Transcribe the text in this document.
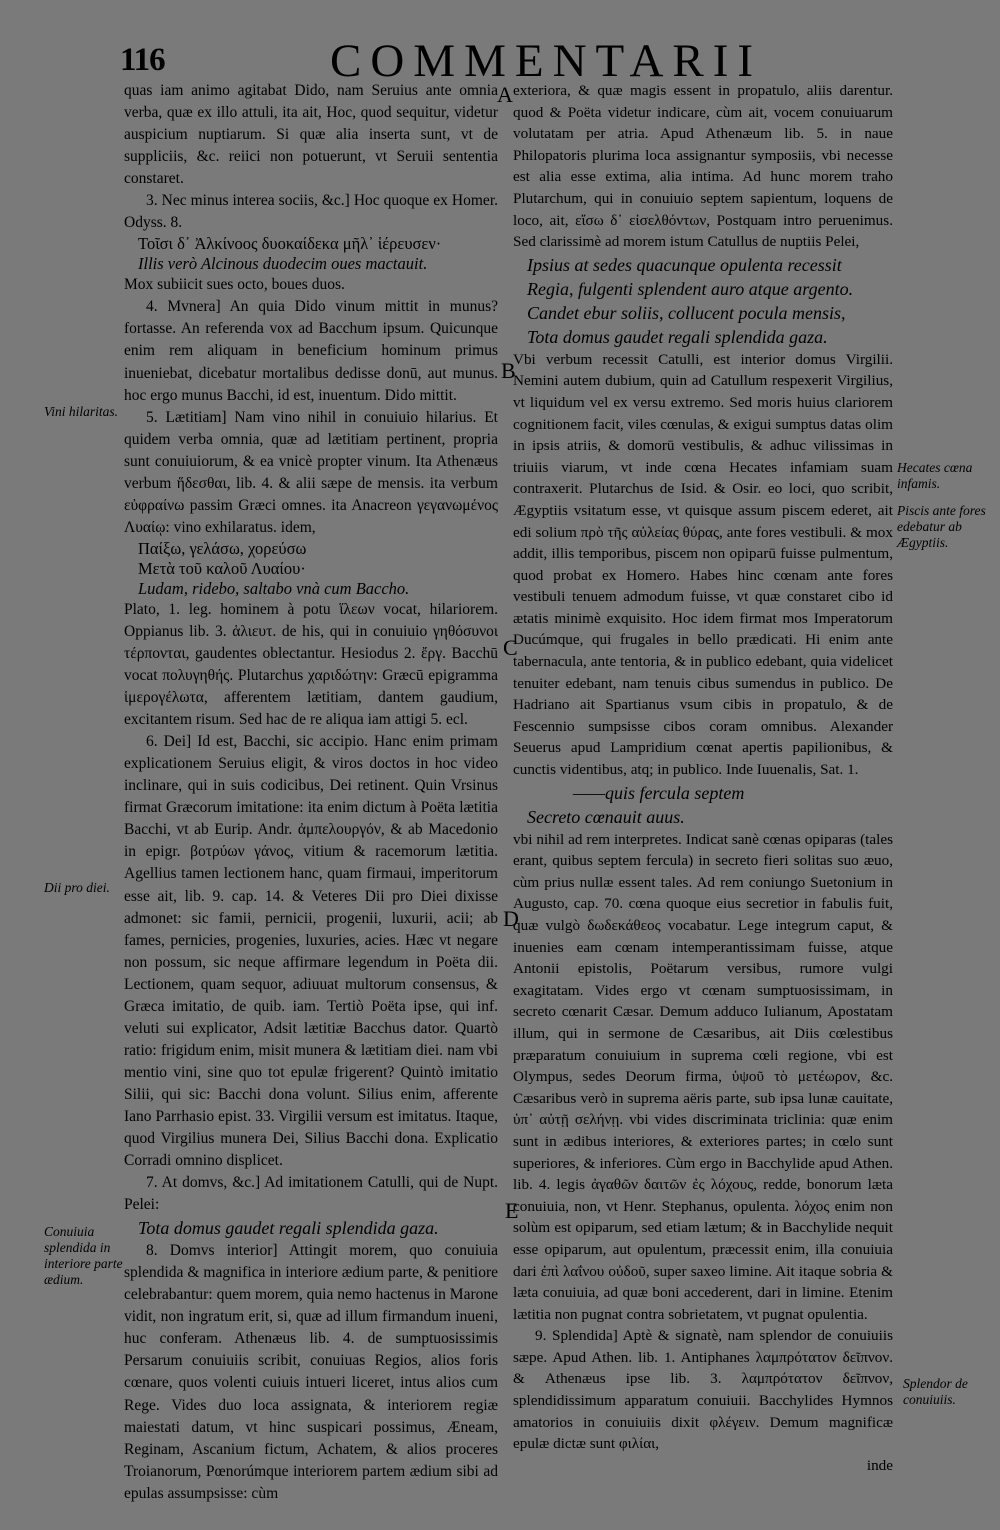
116	COMMENTARII
A
B
C
D
E
Vini hilaritas.
Dii pro diei.
Conuiuia splendida in interiore parte ædium.
Hecates cœna infamis.
Piscis ante fores edebatur ab Ægyptiis.
Splendor de conuiuiis.

quas iam animo agitabat Dido, nam Seruius ante omnia verba, quæ ex illo attuli, ita ait, Hoc, quod sequitur, videtur auspicium nuptiarum. Si quæ alia inserta sunt, vt de suppliciis, &c. reiici non potuerunt, vt Seruii sententia constaret.

3. Nec minus interea sociis, &c.] Hoc quoque ex Homer. Odyss. 8.

Τοῖσι δ᾽ Ἀλκίνοος δυοκαίδεκα μῆλ᾽ ἱέρευσεν·

Illis verò Alcinous duodecim oues mactauit.

Mox subiicit sues octo, boues duos.

4. Mvnera] An quia Dido vinum mittit in munus? fortasse. An referenda vox ad Bacchum ipsum. Quicunque enim rem aliquam in beneficium hominum primus inueniebat, dicebatur mortalibus dedisse donū, aut munus. hoc ergo munus Bacchi, id est, inuentum. Dido mittit.

5. Lætitiam] Nam vino nihil in conuiuio hilarius. Et quidem verba omnia, quæ ad lætitiam pertinent, propria sunt conuiuiorum, & ea vnicè propter vinum. Ita Athenæus verbum ἥδεσθαι, lib. 4. & alii sæpe de mensis. ita verbum εὐφραίνω passim Græci omnes. ita Anacreon γεγανωμένος Λυαίῳ: vino exhilaratus. idem,

Παίξω, γελάσω, χορεύσω

Μετὰ τοῦ καλοῦ Λυαίου·

Ludam, ridebo, saltabo vnà cum Baccho.

Plato, 1. leg. hominem à potu ἵλεων vocat, hilariorem. Oppianus lib. 3. ἁλιευτ. de his, qui in conuiuio γηθόσυνοι τέρπονται, gaudentes oblectantur. Hesiodus 2. ἔργ. Bacchū vocat πολυγηθής. Plutarchus χαριδώτην: Græcū epigramma ἱμερογέλωτα, afferentem lætitiam, dantem gaudium, excitantem risum. Sed hac de re aliqua iam attigi 5. ecl.

6. Dei] Id est, Bacchi, sic accipio. Hanc enim primam explicationem Seruius eligit, & viros doctos in hoc video inclinare, qui in suis codicibus, Dei retinent. Quin Vrsinus firmat Græcorum imitatione: ita enim dictum à Poëta lætitia Bacchi, vt ab Eurip. Andr. ἀμπελουργόν, & ab Macedonio in epigr. βοτρύων γάνος, vitium & racemorum lætitia. Agellius tamen lectionem hanc, quam firmaui, imperitorum esse ait, lib. 9. cap. 14. & Veteres Dii pro Diei dixisse admonet: sic famii, pernicii, progenii, luxurii, acii; ab fames, pernicies, progenies, luxuries, acies. Hæc vt negare non possum, sic neque affirmare legendum in Poëta dii. Lectionem, quam sequor, adiuuat multorum consensus, & Græca imitatio, de quib. iam. Tertiò Poëta ipse, qui inf. veluti sui explicator, Adsit lætitiæ Bacchus dator. Quartò ratio: frigidum enim, misit munera & lætitiam diei. nam vbi mentio vini, sine quo tot epulæ frigerent? Quintò imitatio Silii, qui sic: Bacchi dona volunt. Silius enim, afferente Iano Parrhasio epist. 33. Virgilii versum est imitatus. Itaque, quod Virgilius munera Dei, Silius Bacchi dona. Explicatio Corradi omnino displicet.

7. At domvs, &c.] Ad imitationem Catulli, qui de Nupt. Pelei:

Tota domus gaudet regali splendida gaza.

8. Domvs interior] Attingit morem, quo conuiuia splendida & magnifica in interiore ædium parte, & penitiore celebrabantur: quem morem, quia nemo hactenus in Marone vidit, non ingratum erit, si, quæ ad illum firmandum inueni, huc conferam. Athenæus lib. 4. de sumptuosissimis Persarum conuiuiis scribit, conuiuas Regios, alios foris cœnare, quos volenti cuiuis intueri liceret, intus alios cum Rege. Vides duo loca assignata, & interiorem regiæ maiestati datum, vt hinc suspicari possimus, Æneam, Reginam, Ascanium fictum, Achatem, & alios proceres Troianorum, Pœnorúmque interiorem partem ædium sibi ad epulas assumpsisse: cùm

exteriora, & quæ magis essent in propatulo, aliis darentur. quod & Poëta videtur indicare, cùm ait, vocem conuiuarum volutatam per atria. Apud Athenæum lib. 5. in naue Philopatoris plurima loca assignantur symposiis, vbi necesse est alia esse extima, alia intima. Ad hunc morem traho Plutarchum, qui in conuiuio septem sapientum, loquens de loco, ait, εἴσω δ᾽ εἰσελθόντων, Postquam intro peruenimus. Sed clarissimè ad morem istum Catullus de nuptiis Pelei,

Ipsius at sedes quacunque opulenta recessit

Regia, fulgenti splendent auro atque argento.

Candet ebur soliis, collucent pocula mensis,

Tota domus gaudet regali splendida gaza.

Vbi verbum recessit Catulli, est interior domus Virgilii. Nemini autem dubium, quin ad Catullum respexerit Virgilius, vt liquidum vel ex versu extremo. Sed moris huius clariorem cognitionem facit, viles cœnulas, & exigui sumptus datas olim in ipsis atriis, & domorū vestibulis, & adhuc vilissimas in triuiis viarum, vt inde cœna Hecates infamiam suam contraxerit. Plutarchus de Isid. & Osir. eo loci, quo scribit, Ægyptiis vsitatum esse, vt quisque assum piscem ederet, ait edi solium πρὸ τῆς αὐλείας θύρας, ante fores vestibuli. & mox addit, illis temporibus, piscem non opiparū fuisse pulmentum, quod probat ex Homero. Habes hinc cœnam ante fores vestibuli tenuem admodum fuisse, vt quæ constaret cibo id ætatis minimè exquisito. Hoc idem firmat mos Imperatorum Ducúmque, qui frugales in bello prædicati. Hi enim ante tabernacula, ante tentoria, & in publico edebant, quia videlicet tenuiter edebant, nam tenuis cibus sumendus in publico. De Hadriano ait Spartianus vsum cibis in propatulo, & de Fescennio sumpsisse cibos coram omnibus. Alexander Seuerus apud Lampridium cœnat apertis papilionibus, & cunctis videntibus, atq; in publico. Inde Iuuenalis, Sat. 1.

——quis fercula septem

Secreto cœnauit auus.

vbi nihil ad rem interpretes. Indicat sanè cœnas opiparas (tales erant, quibus septem fercula) in secreto fieri solitas suo æuo, cùm prius nullæ essent tales. Ad rem coniungo Suetonium in Augusto, cap. 70. cœna quoque eius secretior in fabulis fuit, quæ vulgò δωδεκάθεος vocabatur. Lege integrum caput, & inuenies eam cœnam intemperantissimam fuisse, atque Antonii epistolis, Poëtarum versibus, rumore vulgi exagitatam. Vides ergo vt cœnam sumptuosissimam, in secreto cœnarit Cæsar. Demum adduco Iulianum, Apostatam illum, qui in sermone de Cæsaribus, ait Diis cœlestibus præparatum conuiuium in suprema cœli regione, vbi est Olympus, sedes Deorum firma, ὑψοῦ τὸ μετέωρον, &c. Cæsaribus verò in suprema aëris parte, sub ipsa lunæ cauitate, ὑπ᾽ αὐτῇ σελήνῃ. vbi vides discriminata triclinia: quæ enim sunt in ædibus interiores, & exteriores partes; in cœlo sunt superiores, & inferiores. Cùm ergo in Bacchylide apud Athen. lib. 4. legis ἀγαθῶν δαιτῶν ἐς λόχους, redde, bonorum læta conuiuia, non, vt Henr. Stephanus, opulenta. λόχος enim non solùm est opiparum, sed etiam lætum; & in Bacchylide nequit esse opiparum, aut opulentum, præcessit enim, illa conuiuia dari ἐπὶ λαΐνου οὐδοῦ, super saxeo limine. Ait itaque sobria & læta conuiuia, ad quæ boni accederent, dari in limine. Etenim lætitia non pugnat contra sobrietatem, vt pugnat opulentia.

9. Splendida] Aptè & signatè, nam splendor de conuiuiis sæpe. Apud Athen. lib. 1. Antiphanes λαμπρότατον δεῖπνον. & Athenæus ipse lib. 3. λαμπρότατον δεῖπνον, splendidissimum apparatum conuiuii. Bacchylides Hymnos amatorios in conuiuiis dixit φλέγειν. Demum magnificæ epulæ dictæ sunt φιλίαι,

inde
